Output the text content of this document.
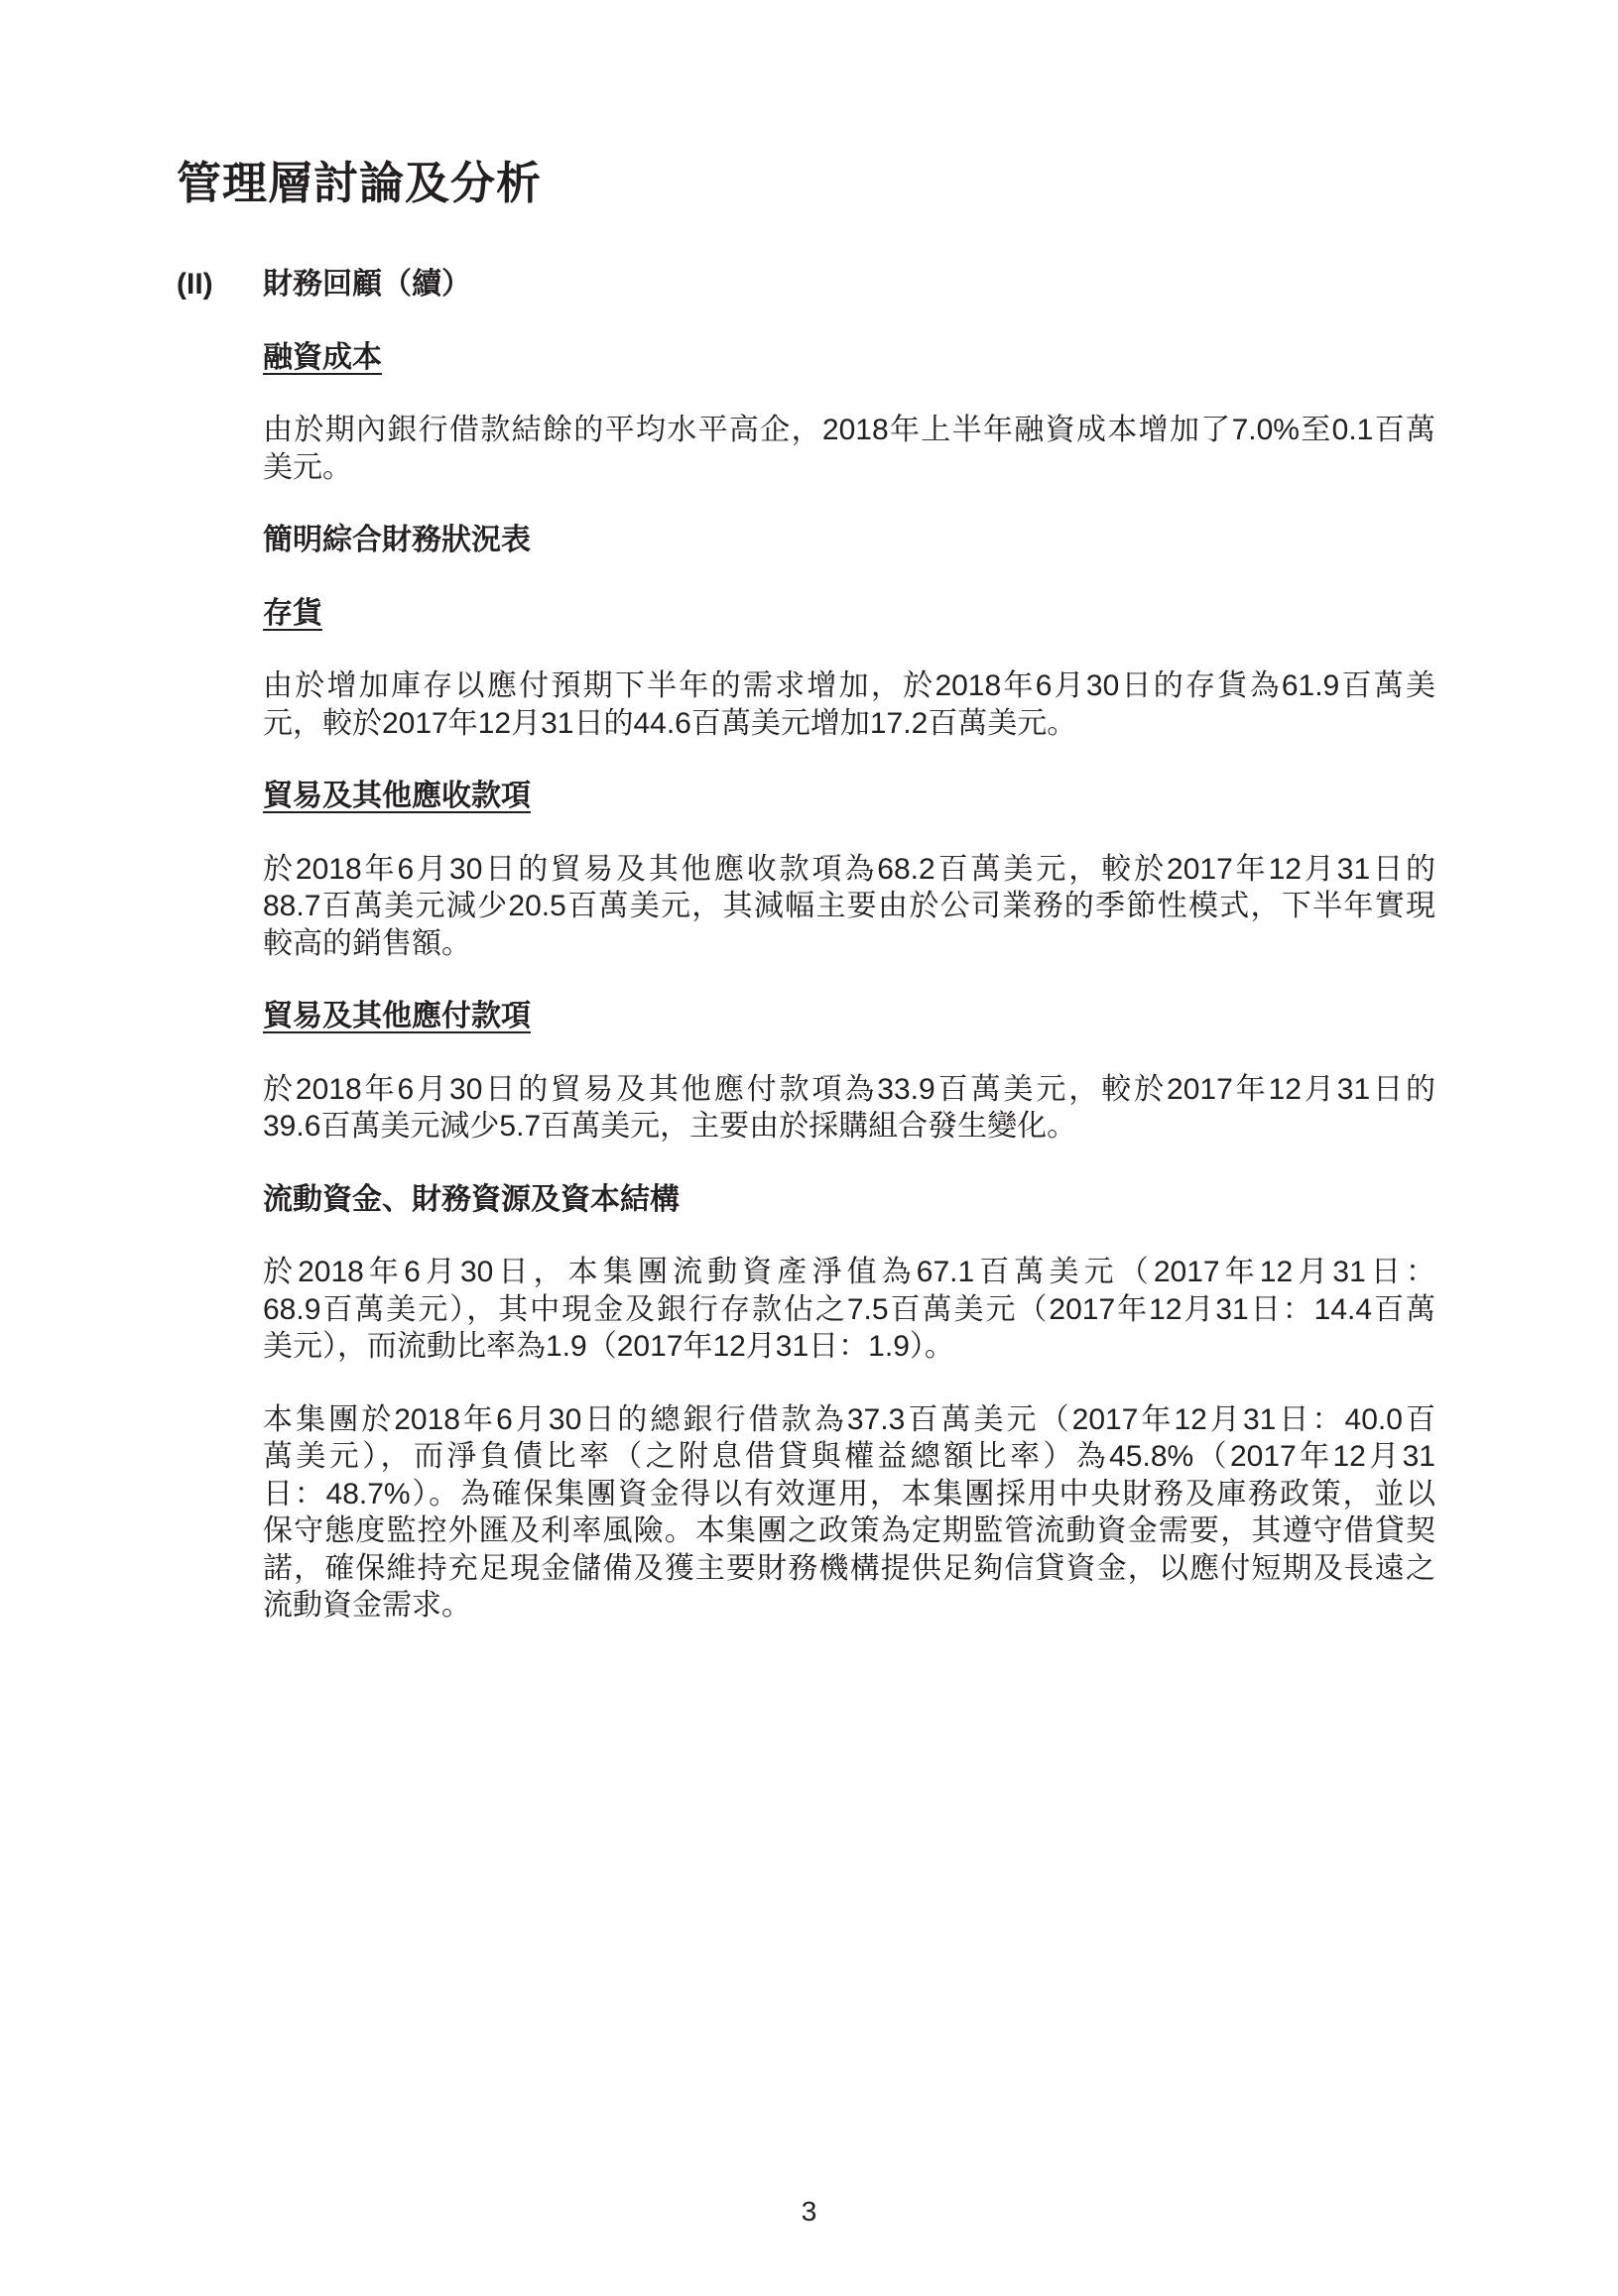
管理層討論及分析
(II) 財務回顧（續）
融資成本
由於期內銀行借款結餘的平均水平高企，2018年上半年融資成本增加了7.0%至0.1百萬
美元。
簡明綜合財務狀況表
存貨
由於增加庫存以應付預期下半年的需求增加，於2018年6月30日的存貨為61.9百萬美
元，較於2017年12月31日的44.6百萬美元增加17.2百萬美元。
貿易及其他應收款項
於2018年6月30日的貿易及其他應收款項為68.2百萬美元，較於2017年12月31日的
88.7百萬美元減少20.5百萬美元，其減幅主要由於公司業務的季節性模式，下半年實現
較高的銷售額。
貿易及其他應付款項
於2018年6月30日的貿易及其他應付款項為33.9百萬美元，較於2017年12月31日的
39.6百萬美元減少5.7百萬美元，主要由於採購組合發生變化。
流動資金、財務資源及資本結構
於2018年6月30日，本集團流動資產淨值為67.1百萬美元（2017年12月31日：
68.9百萬美元），其中現金及銀行存款佔之7.5百萬美元（2017年12月31日：14.4百萬
美元），而流動比率為1.9（2017年12月31日：1.9）。
本集團於2018年6月30日的總銀行借款為37.3百萬美元（2017年12月31日：40.0百
萬美元），而淨負債比率（之附息借貸與權益總額比率）為45.8%（2017年12月31
日：48.7%）。為確保集團資金得以有效運用，本集團採用中央財務及庫務政策，並以
保守態度監控外匯及利率風險。本集團之政策為定期監管流動資金需要，其遵守借貸契
諾，確保維持充足現金儲備及獲主要財務機構提供足夠信貸資金，以應付短期及長遠之
流動資金需求。
3
